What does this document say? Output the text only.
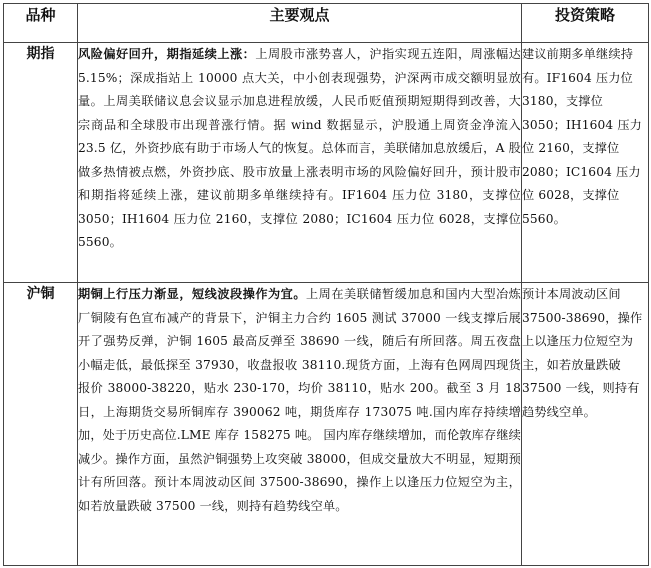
品种	主要观点	投资策略
期指	风险偏好回升，期指延续上涨：上周股市涨势喜人，沪指实现五连阳，周涨幅达 5.15%；深成指站上 10000 点大关，中小创表现强势，沪深两市成交额明显放量。上周美联储议息会议显示加息进程放缓，人民币贬值预期短期得到改善，大宗商品和全球股市出现普涨行情。据 wind 数据显示，沪股通上周资金净流入 23.5 亿，外资抄底有助于市场人气的恢复。总体而言，美联储加息放缓后，A 股做多热情被点燃，外资抄底、股市放量上涨表明市场的风险偏好回升，预计股市和期指将延续上涨，建议前期多单继续持有。IF1604 压力位 3180，支撑位 3050；IH1604 压力位 2160，支撑位 2080；IC1604 压力位 6028，支撑位 5560。	建议前期多单继续持有。IF1604 压力位 3180，支撑位 3050；IH1604 压力位 2160，支撑位 2080；IC1604 压力位 6028，支撑位 5560。
沪铜	期铜上行压力渐显，短线波段操作为宜。上周在美联储暂缓加息和国内大型冶炼厂铜陵有色宣布减产的背景下，沪铜主力合约 1605 测试 37000 一线支撑后展开了强势反弹，沪铜 1605 最高反弹至 38690 一线，随后有所回落。周五夜盘小幅走低，最低探至 37930，收盘报收 38110.现货方面，上海有色网周四现货报价 38000-38220，贴水 230-170，均价 38110，贴水 200。截至 3 月 18 日，上海期货交易所铜库存 390062 吨，期货库存 173075 吨.国内库存持续增加，处于历史高位.LME 库存 158275 吨。 国内库存继续增加，而伦敦库存继续减少。操作方面，虽然沪铜强势上攻突破 38000，但成交量放大不明显，短期预计有所回落。预计本周波动区间 37500-38690，操作上以逢压力位短空为主，如若放量跌破 37500 一线，则持有趋势线空单。	预计本周波动区间 37500-38690，操作上以逢压力位短空为主，如若放量跌破 37500 一线，则持有趋势线空单。
